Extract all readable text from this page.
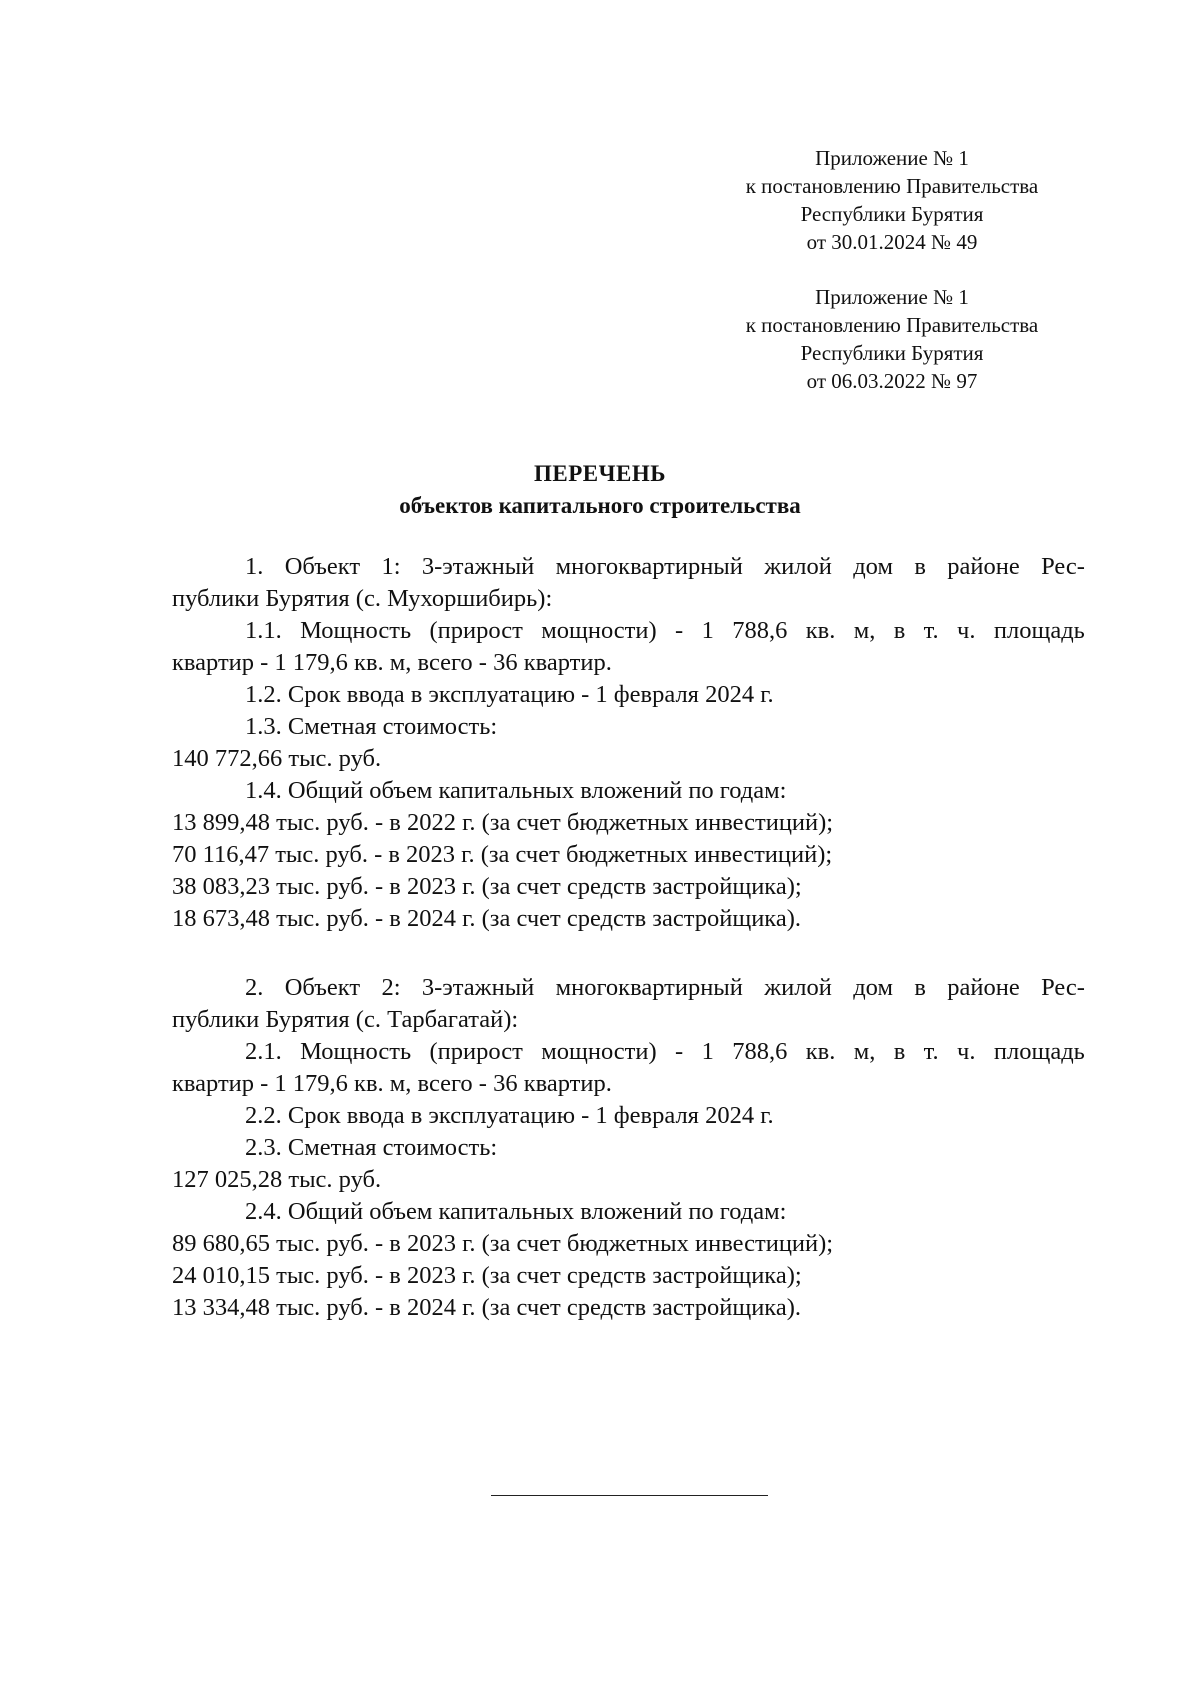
Приложение № 1
к постановлению Правительства
Республики Бурятия
от 30.01.2024 № 49
Приложение № 1
к постановлению Правительства
Республики Бурятия
от 06.03.2022 № 97
ПЕРЕЧЕНЬ
объектов капитального строительства
1. Объект 1: 3-этажный многоквартирный жилой дом в районе Рес-
публики Бурятия (с. Мухоршибирь):
1.1. Мощность (прирост мощности) - 1 788,6 кв. м, в т. ч. площадь
квартир - 1 179,6 кв. м, всего - 36 квартир.
1.2. Срок ввода в эксплуатацию - 1 февраля 2024 г.
1.3. Сметная стоимость:
140 772,66 тыс. руб.
1.4. Общий объем капитальных вложений по годам:
13 899,48 тыс. руб. - в 2022 г. (за счет бюджетных инвестиций);
70 116,47 тыс. руб. - в 2023 г. (за счет бюджетных инвестиций);
38 083,23 тыс. руб. - в 2023 г. (за счет средств застройщика);
18 673,48 тыс. руб. - в 2024 г. (за счет средств застройщика).
2. Объект 2: 3-этажный многоквартирный жилой дом в районе Рес-
публики Бурятия (с. Тарбагатай):
2.1. Мощность (прирост мощности) - 1 788,6 кв. м, в т. ч. площадь
квартир - 1 179,6 кв. м, всего - 36 квартир.
2.2. Срок ввода в эксплуатацию - 1 февраля 2024 г.
2.3. Сметная стоимость:
127 025,28 тыс. руб.
2.4. Общий объем капитальных вложений по годам:
89 680,65 тыс. руб. - в 2023 г. (за счет бюджетных инвестиций);
24 010,15 тыс. руб. - в 2023 г. (за счет средств застройщика);
13 334,48 тыс. руб. - в 2024 г. (за счет средств застройщика).
